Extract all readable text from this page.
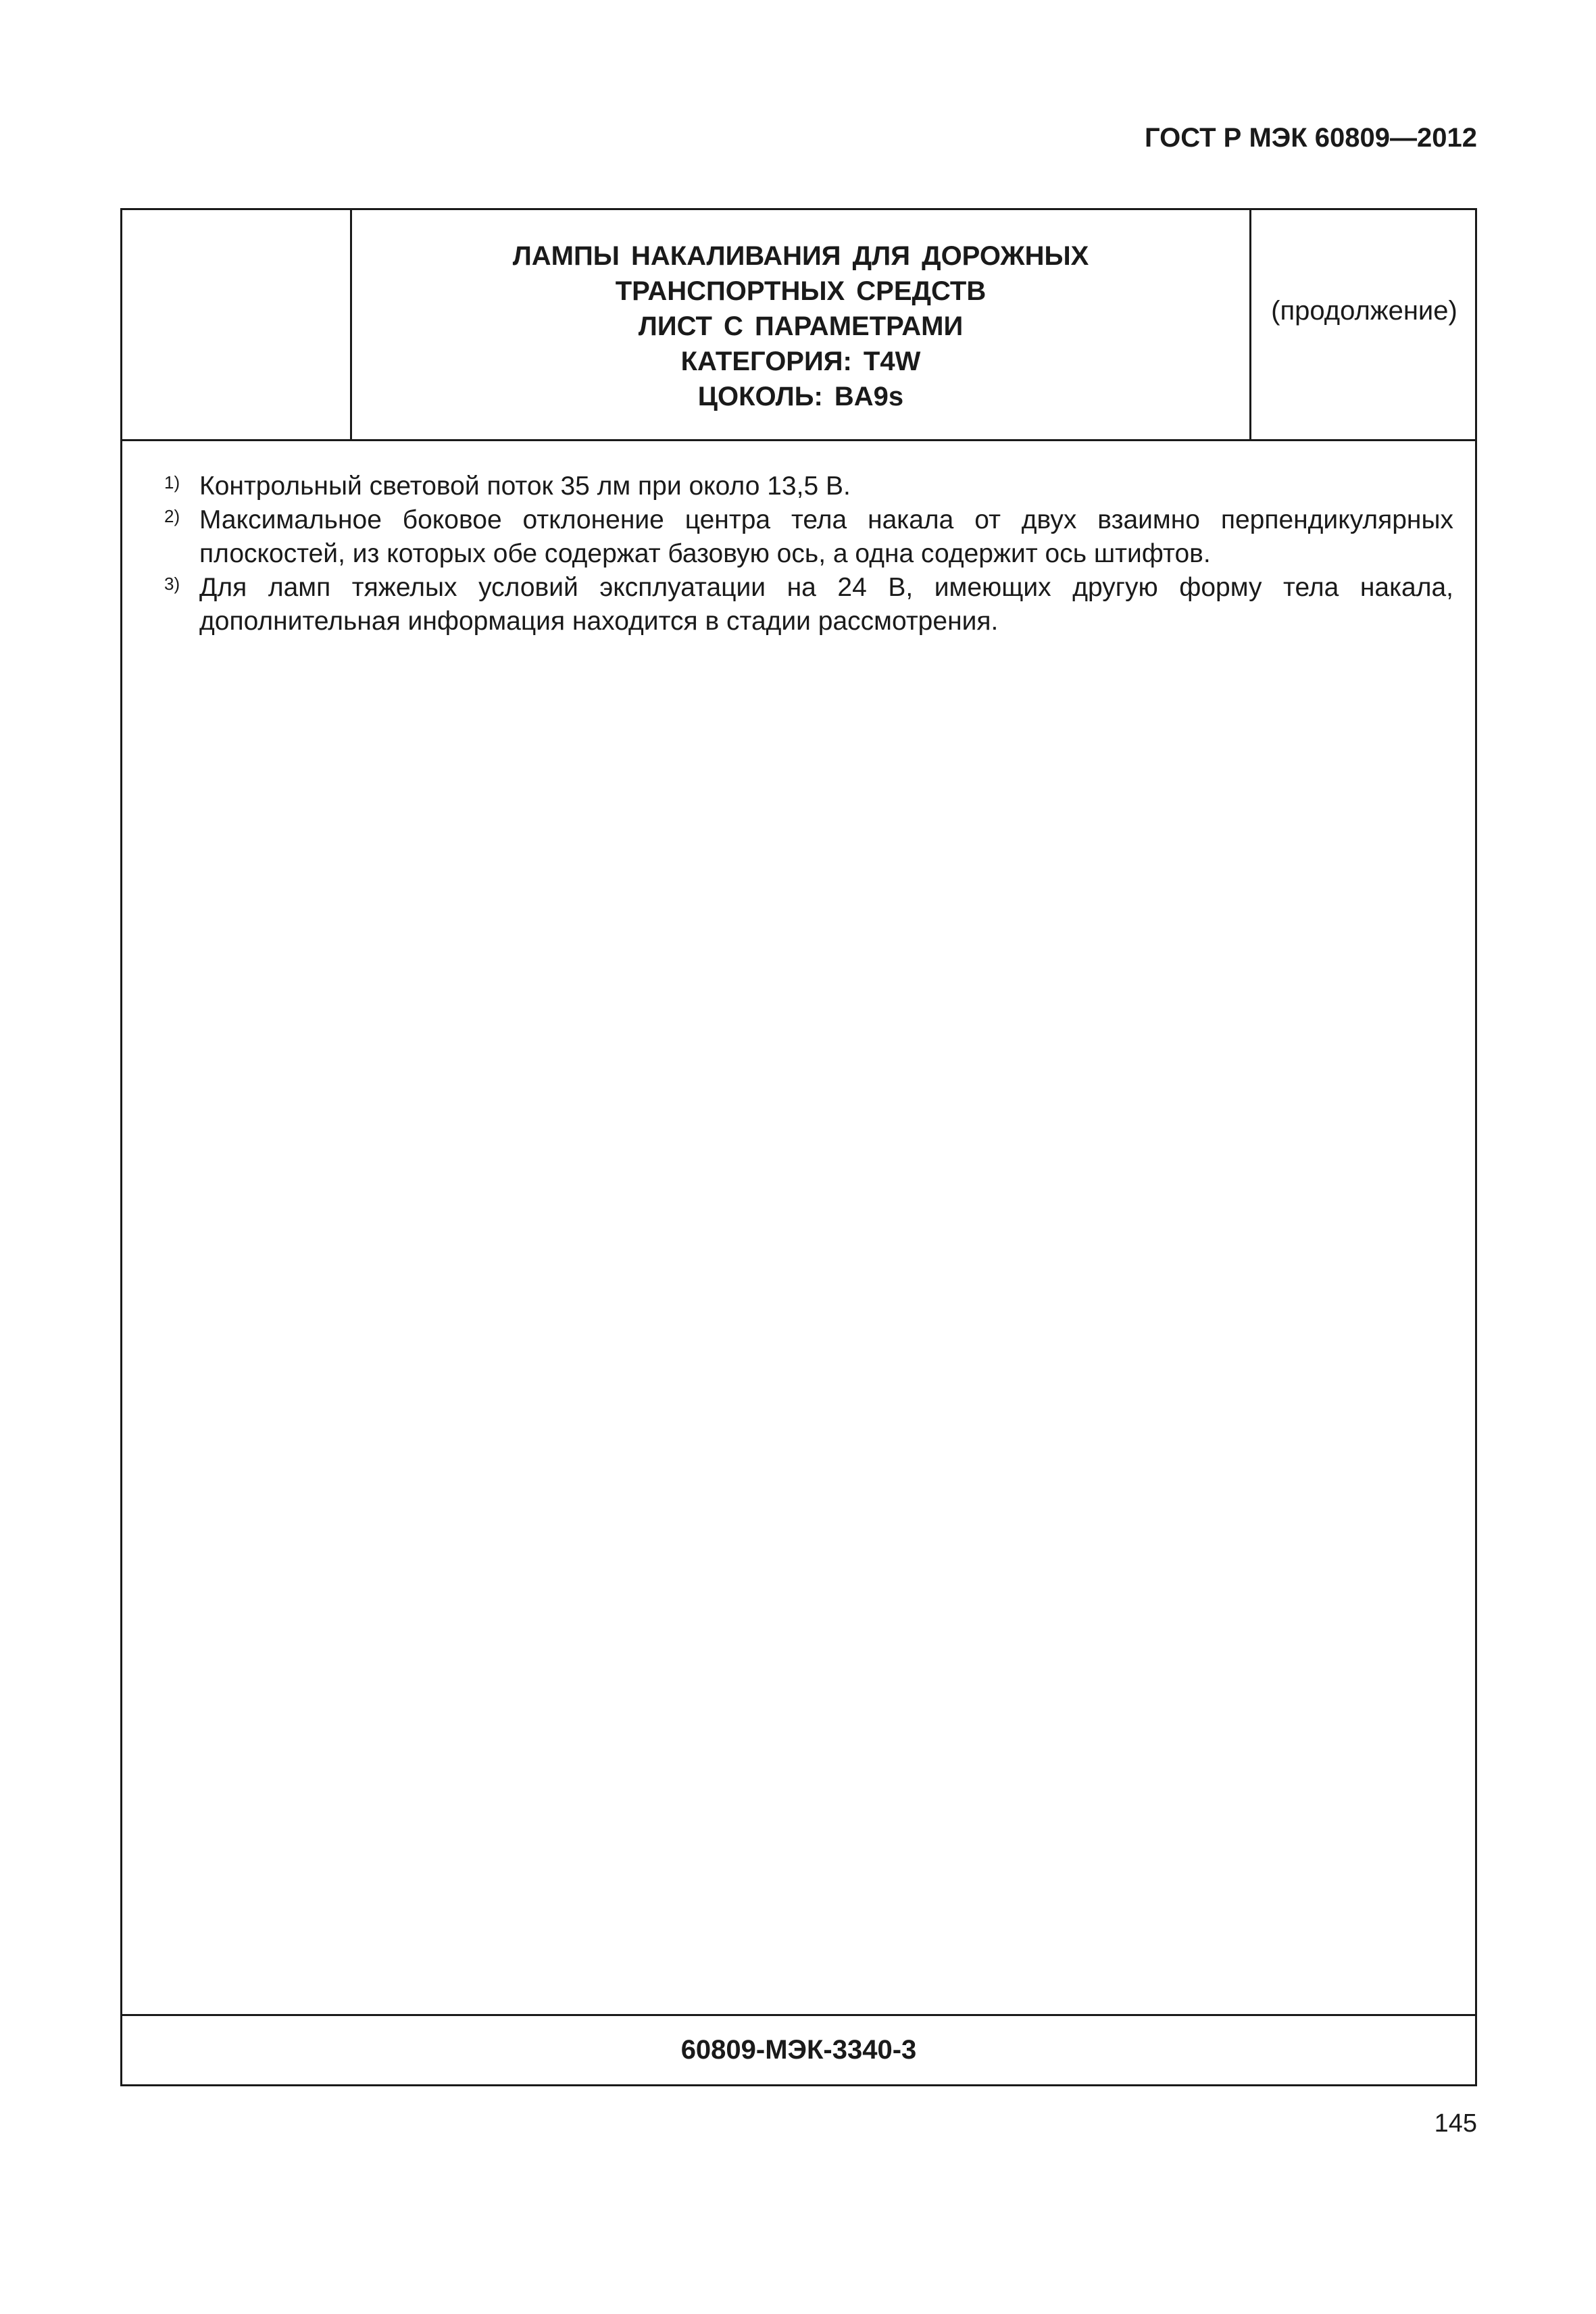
ГОСТ Р МЭК 60809—2012
ЛАМПЫ НАКАЛИВАНИЯ ДЛЯ ДОРОЖНЫХ
ТРАНСПОРТНЫХ СРЕДСТВ
ЛИСТ С ПАРАМЕТРАМИ
КАТЕГОРИЯ: T4W
ЦОКОЛЬ: BA9s
(продолжение)
1) Контрольный световой поток 35 лм при около 13,5 В.
2) Максимальное боковое отклонение центра тела накала от двух взаимно перпендикулярных плоскостей, из которых обе содержат базовую ось, а одна содержит ось штифтов.
3) Для ламп тяжелых условий эксплуатации на 24 В, имеющих другую форму тела накала, дополнительная информация находится в стадии рассмотрения.
60809-МЭК-3340-3
145
